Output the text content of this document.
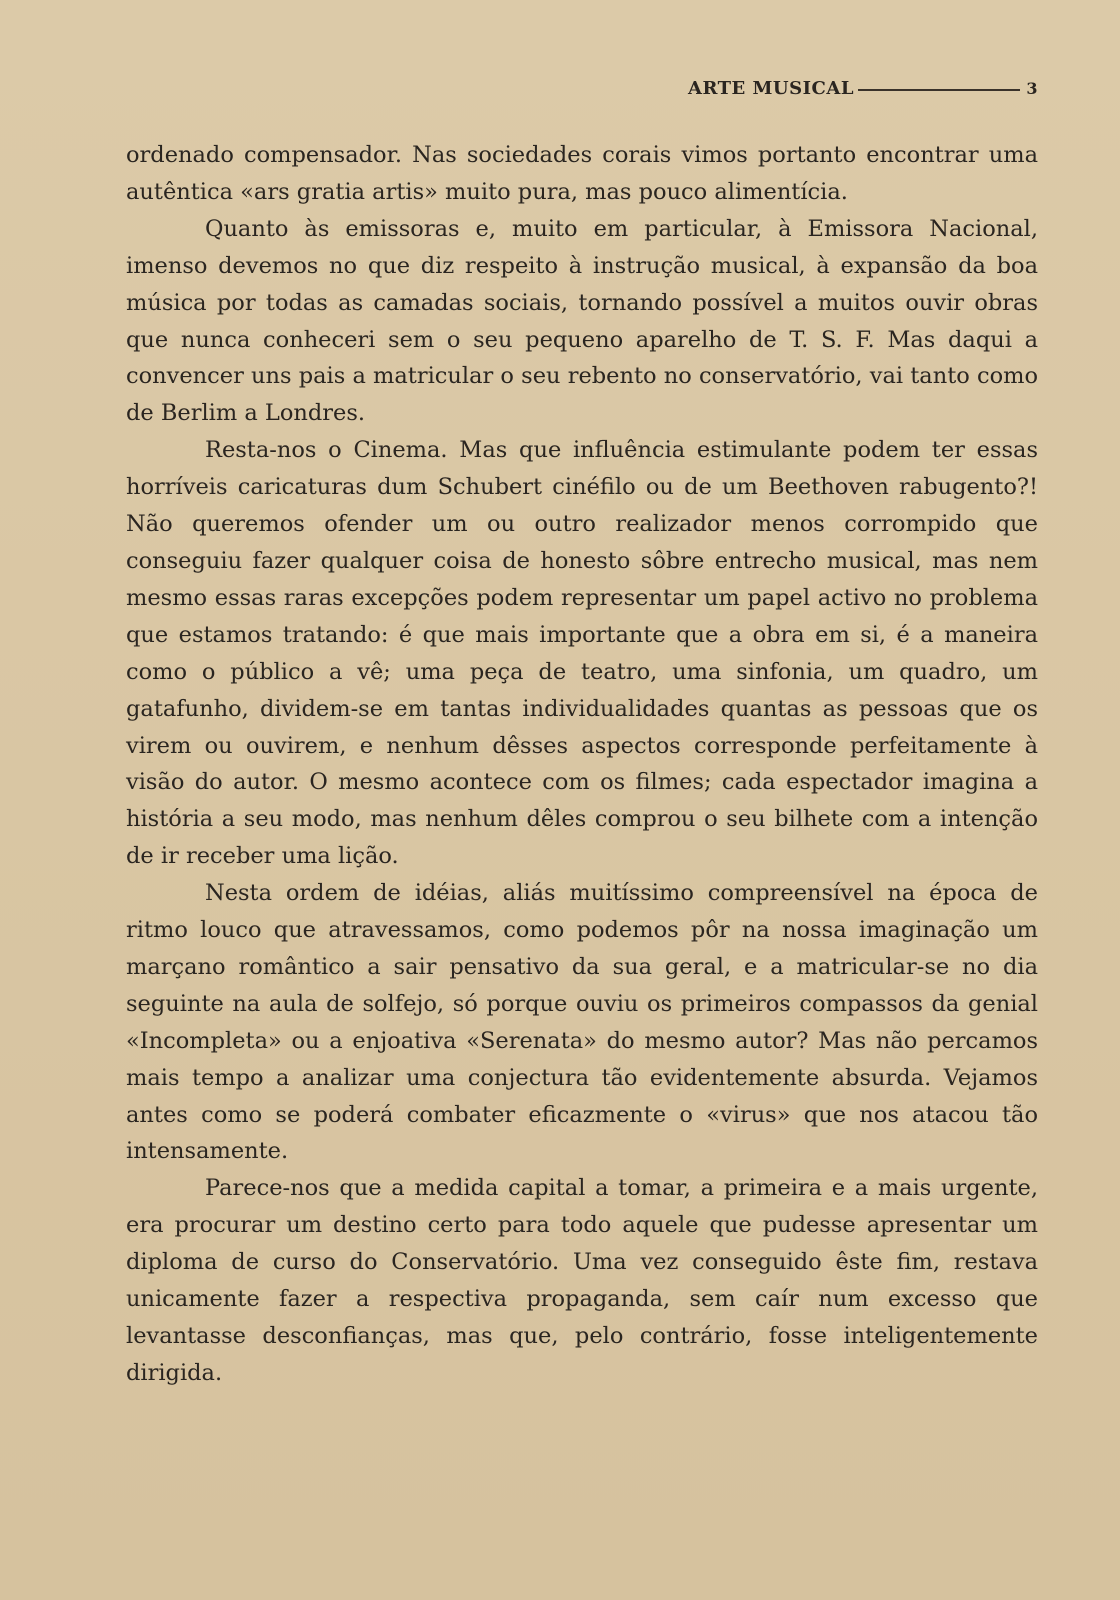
ARTE MUSICAL	3

ordenado compensador. Nas sociedades corais vimos portanto encontrar uma autêntica «ars gratia artis» muito pura, mas pouco alimentícia.

Quanto às emissoras e, muito em particular, à Emissora Nacional, imenso devemos no que diz respeito à instrução musical, à expansão da boa música por todas as camadas sociais, tornando possível a muitos ouvir obras que nunca conheceri sem o seu pequeno aparelho de T. S. F. Mas daqui a convencer uns pais a matricular o seu rebento no conservatório, vai tanto como de Berlim a Londres.

Resta-nos o Cinema. Mas que influência estimulante podem ter essas horríveis caricaturas dum Schubert cinéfilo ou de um Beethoven rabugento?! Não queremos ofender um ou outro realizador menos corrompido que conseguiu fazer qualquer coisa de honesto sôbre entrecho musical, mas nem mesmo essas raras excepções podem representar um papel activo no problema que estamos tratando: é que mais importante que a obra em si, é a maneira como o público a vê; uma peça de teatro, uma sinfonia, um quadro, um gatafunho, dividem-se em tantas individualidades quantas as pessoas que os virem ou ouvirem, e nenhum dêsses aspectos corresponde perfeitamente à visão do autor. O mesmo acontece com os filmes; cada espectador imagina a história a seu modo, mas nenhum dêles comprou o seu bilhete com a intenção de ir receber uma lição.

Nesta ordem de idéias, aliás muitíssimo compreensível na época de ritmo louco que atravessamos, como podemos pôr na nossa imaginação um marçano romântico a sair pensativo da sua geral, e a matricular-se no dia seguinte na aula de solfejo, só porque ouviu os primeiros compassos da genial «Incompleta» ou a enjoativa «Serenata» do mesmo autor? Mas não percamos mais tempo a analizar uma conjectura tão evidentemente absurda. Vejamos antes como se poderá combater eficazmente o «virus» que nos atacou tão intensamente.

Parece-nos que a medida capital a tomar, a primeira e a mais urgente, era procurar um destino certo para todo aquele que pudesse apresentar um diploma de curso do Conservatório. Uma vez conseguido êste fim, restava unicamente fazer a respectiva propaganda, sem caír num excesso que levantasse desconfianças, mas que, pelo contrário, fosse inteligentemente dirigida.
